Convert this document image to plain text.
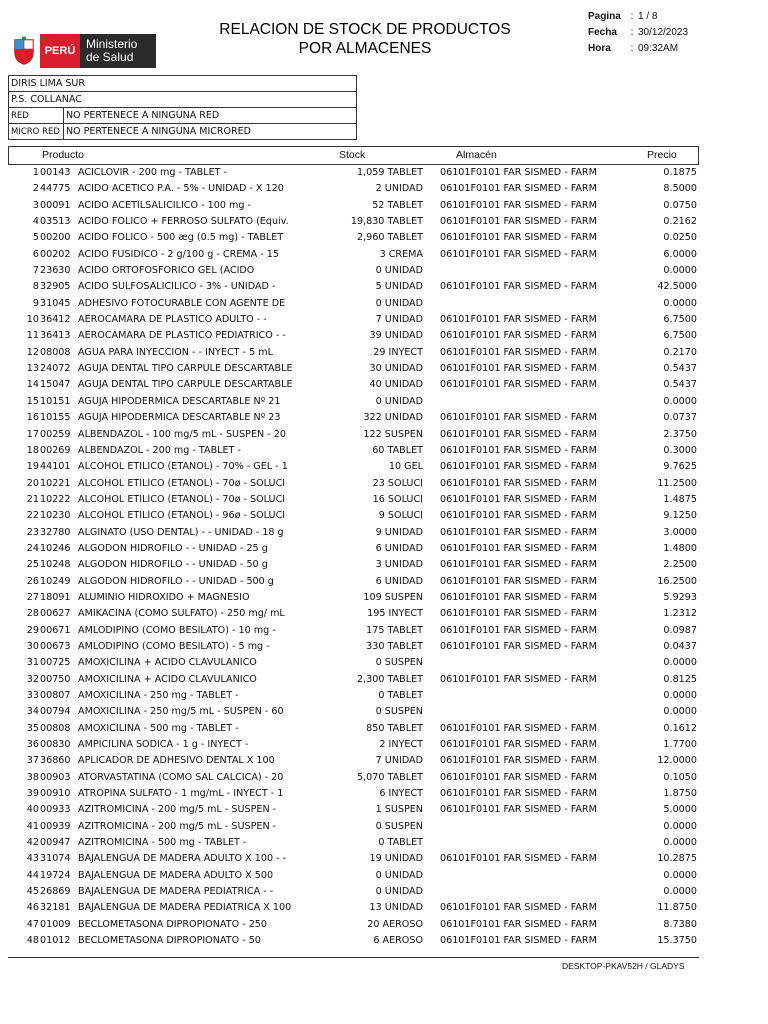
RELACION DE STOCK DE PRODUCTOS
POR ALMACENES
Pagina : 1 / 8
Fecha	: 30/12/2023
Hora	: 09:32AM
PERÚ Ministerio
de Salud
DIRIS LIMA SUR	
P.S. COLLANAC	
RED	NO PERTENECE A NINGUNA RED
MICRO RED	NO PERTENECE A NINGUNA MICRORED
Producto	Stock	Almacén	Precio
1 00143 ACICLOVIR - 200 mg - TABLET -	1,059 TABLET 06101F0101 FAR SISMED - FARM	0.1875
2 44775 ACIDO ACETICO P.A. - 5% - UNIDAD - X 120	2 UNIDAD 06101F0101 FAR SISMED - FARM	8.5000
3 00091 ACIDO ACETILSALICILICO - 100 mg -	52 TABLET 06101F0101 FAR SISMED - FARM	0.0750
4 03513 ACIDO FOLICO + FERROSO SULFATO (Equiv.	19,830 TABLET 06101F0101 FAR SISMED - FARM	0.2162
5 00200 ACIDO FOLICO - 500 æg (0.5 mg) - TABLET	2,960 TABLET 06101F0101 FAR SISMED - FARM	0.0250
6 00202 ACIDO FUSIDICO - 2 g/100 g - CREMA - 15	3 CREMA 06101F0101 FAR SISMED - FARM	6.0000
7 23630 ACIDO ORTOFOSFORICO GEL (ACIDO	0 UNIDAD	0.0000
8 32905 ACIDO SULFOSALICILICO - 3% - UNIDAD -	5 UNIDAD 06101F0101 FAR SISMED - FARM	42.5000
9 31045 ADHESIVO FOTOCURABLE CON AGENTE DE	0 UNIDAD	0.0000
10 36412 AEROCAMARA DE PLASTICO ADULTO - -	7 UNIDAD 06101F0101 FAR SISMED - FARM	6.7500
11 36413 AEROCAMARA DE PLASTICO PEDIATRICO - -	39 UNIDAD 06101F0101 FAR SISMED - FARM	6.7500
12 08008 AGUA PARA INYECCION - - INYECT - 5 mL	29 INYECT 06101F0101 FAR SISMED - FARM	0.2170
13 24072 AGUJA DENTAL TIPO CARPULE DESCARTABLE	30 UNIDAD 06101F0101 FAR SISMED - FARM	0.5437
14 15047 AGUJA DENTAL TIPO CARPULE DESCARTABLE	40 UNIDAD 06101F0101 FAR SISMED - FARM	0.5437
15 10151 AGUJA HIPODERMICA DESCARTABLE Nº 21	0 UNIDAD	0.0000
16 10155 AGUJA HIPODERMICA DESCARTABLE Nº 23	322 UNIDAD 06101F0101 FAR SISMED - FARM	0.0737
17 00259 ALBENDAZOL - 100 mg/5 mL - SUSPEN - 20	122 SUSPEN 06101F0101 FAR SISMED - FARM	2.3750
18 00269 ALBENDAZOL - 200 mg - TABLET -	60 TABLET 06101F0101 FAR SISMED - FARM	0.3000
19 44101 ALCOHOL ETILICO (ETANOL) - 70% - GEL - 1	10 GEL 06101F0101 FAR SISMED - FARM	9.7625
20 10221 ALCOHOL ETILICO (ETANOL) - 70ø - SOLUCI	23 SOLUCI 06101F0101 FAR SISMED - FARM	11.2500
21 10222 ALCOHOL ETILICO (ETANOL) - 70ø - SOLUCI	16 SOLUCI 06101F0101 FAR SISMED - FARM	1.4875
22 10230 ALCOHOL ETILICO (ETANOL) - 96ø - SOLUCI	9 SOLUCI 06101F0101 FAR SISMED - FARM	9.1250
23 32780 ALGINATO (USO DENTAL) - - UNIDAD - 18 g	9 UNIDAD 06101F0101 FAR SISMED - FARM	3.0000
24 10246 ALGODON HIDROFILO - - UNIDAD - 25 g	6 UNIDAD 06101F0101 FAR SISMED - FARM	1.4800
25 10248 ALGODON HIDROFILO - - UNIDAD - 50 g	3 UNIDAD 06101F0101 FAR SISMED - FARM	2.2500
26 10249 ALGODON HIDROFILO - - UNIDAD - 500 g	6 UNIDAD 06101F0101 FAR SISMED - FARM	16.2500
27 18091 ALUMINIO HIDROXIDO + MAGNESIO	109 SUSPEN 06101F0101 FAR SISMED - FARM	5.9293
28 00627 AMIKACINA (COMO SULFATO) - 250 mg/ mL	195 INYECT 06101F0101 FAR SISMED - FARM	1.2312
29 00671 AMLODIPINO (COMO BESILATO) - 10 mg -	175 TABLET 06101F0101 FAR SISMED - FARM	0.0987
30 00673 AMLODIPINO (COMO BESILATO) - 5 mg -	330 TABLET 06101F0101 FAR SISMED - FARM	0.0437
31 00725 AMOXICILINA + ACIDO CLAVULANICO	0 SUSPEN	0.0000
32 00750 AMOXICILINA + ACIDO CLAVULANICO	2,300 TABLET 06101F0101 FAR SISMED - FARM	0.8125
33 00807 AMOXICILINA - 250 mg - TABLET -	0 TABLET	0.0000
34 00794 AMOXICILINA - 250 mg/5 mL - SUSPEN - 60	0 SUSPEN	0.0000
35 00808 AMOXICILINA - 500 mg - TABLET -	850 TABLET 06101F0101 FAR SISMED - FARM	0.1612
36 00830 AMPICILINA SODICA - 1 g - INYECT -	2 INYECT 06101F0101 FAR SISMED - FARM	1.7700
37 36860 APLICADOR DE ADHESIVO DENTAL X 100	7 UNIDAD 06101F0101 FAR SISMED - FARM	12.0000
38 00903 ATORVASTATINA (COMO SAL CALCICA) - 20	5,070 TABLET 06101F0101 FAR SISMED - FARM	0.1050
39 00910 ATROPINA SULFATO - 1 mg/mL - INYECT - 1	6 INYECT 06101F0101 FAR SISMED - FARM	1.8750
40 00933 AZITROMICINA - 200 mg/5 mL - SUSPEN -	1 SUSPEN 06101F0101 FAR SISMED - FARM	5.0000
41 00939 AZITROMICINA - 200 mg/5 mL - SUSPEN -	0 SUSPEN	0.0000
42 00947 AZITROMICINA - 500 mg - TABLET -	0 TABLET	0.0000
43 31074 BAJALENGUA DE MADERA ADULTO X 100 - -	19 UNIDAD 06101F0101 FAR SISMED - FARM	10.2875
44 19724 BAJALENGUA DE MADERA ADULTO X 500	0 UNIDAD	0.0000
45 26869 BAJALENGUA DE MADERA PEDIATRICA - -	0 UNIDAD	0.0000
46 32181 BAJALENGUA DE MADERA PEDIATRICA X 100	13 UNIDAD 06101F0101 FAR SISMED - FARM	11.8750
47 01009 BECLOMETASONA DIPROPIONATO - 250	20 AEROSO 06101F0101 FAR SISMED - FARM	8.7380
48 01012 BECLOMETASONA DIPROPIONATO - 50	6 AEROSO 06101F0101 FAR SISMED - FARM	15.3750
DESKTOP-PKAV52H / GLADYS
